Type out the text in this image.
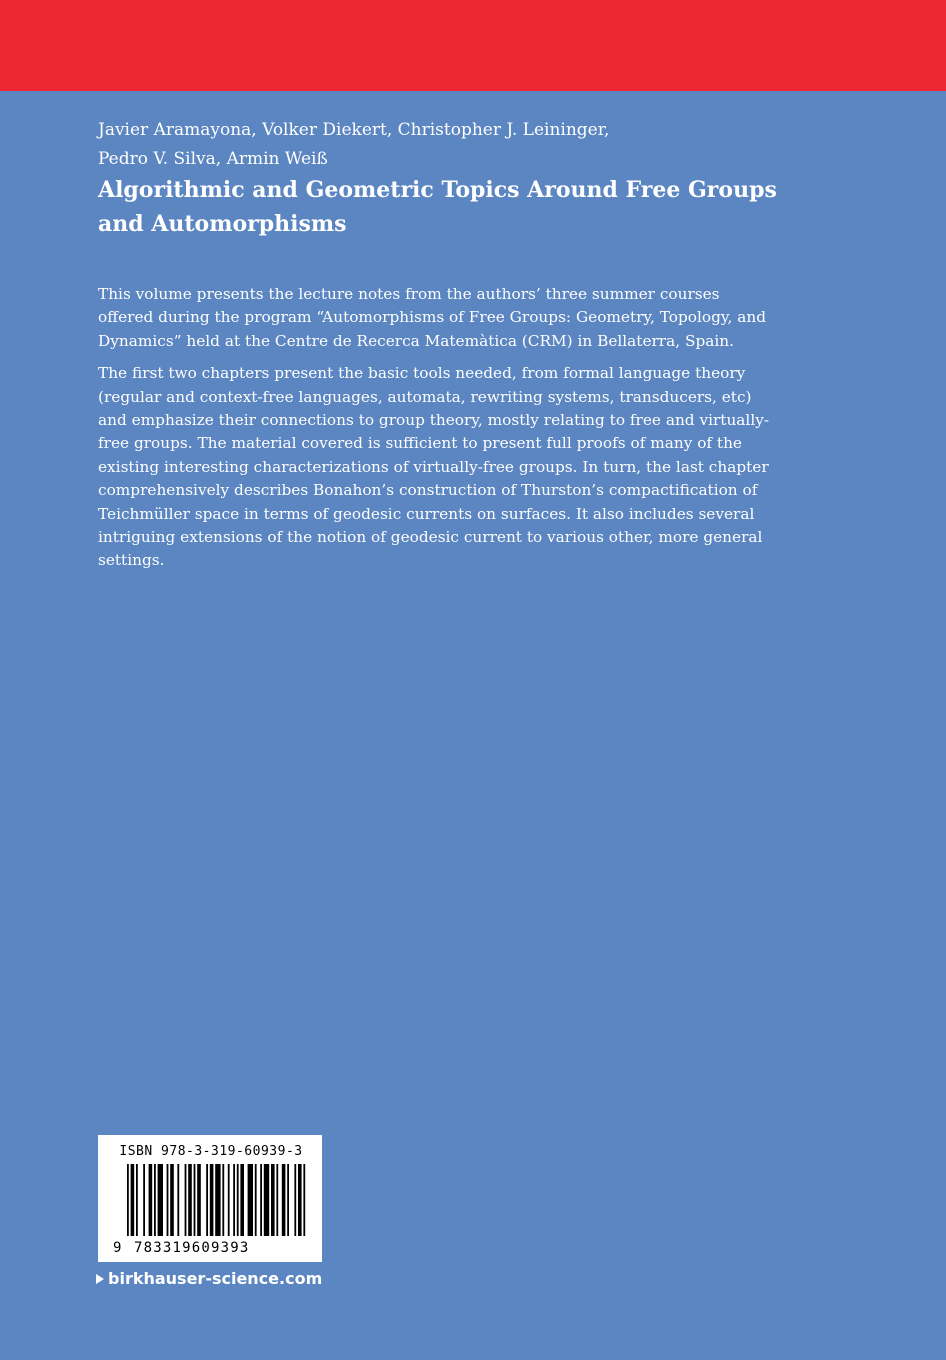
Javier Aramayona, Volker Diekert, Christopher J. Leininger,
Pedro V. Silva, Armin Weiß
Algorithmic and Geometric Topics Around Free Groups
and Automorphisms

This volume presents the lecture notes from the authors’ three summer courses offered during the program “Automorphisms of Free Groups: Geometry, Topology, and Dynamics” held at the Centre de Recerca Matemàtica (CRM) in Bellaterra, Spain.

The first two chapters present the basic tools needed, from formal language theory (regular and context-free languages, automata, rewriting systems, transducers, etc) and emphasize their connections to group theory, mostly relating to free and virtually-free groups. The material covered is sufficient to present full proofs of many of the existing interesting characterizations of virtually-free groups. In turn, the last chapter comprehensively describes Bonahon’s construction of Thurston’s compactification of Teichmüller space in terms of geodesic currents on surfaces. It also includes several intriguing extensions of the notion of geodesic current to various other, more general settings.

ISBN 978-3-319-60939-3
9 783319609393
birkhauser-science.com
